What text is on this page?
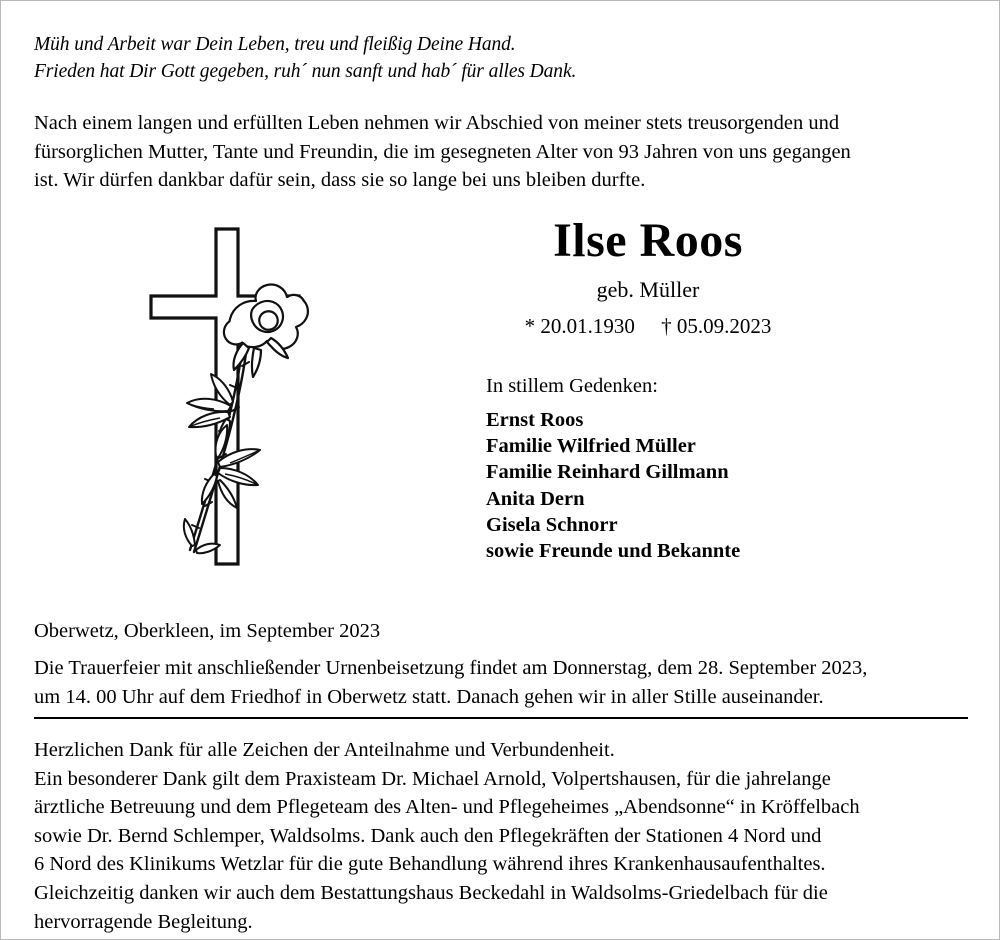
Müh und Arbeit war Dein Leben, treu und fleißig Deine Hand.
Frieden hat Dir Gott gegeben, ruh´ nun sanft und hab´ für alles Dank.
Nach einem langen und erfüllten Leben nehmen wir Abschied von meiner stets treusorgenden und
fürsorglichen Mutter, Tante und Freundin, die im gesegneten Alter von 93 Jahren von uns gegangen
ist. Wir dürfen dankbar dafür sein, dass sie so lange bei uns bleiben durfte.
Ilse Roos
geb. Müller
* 20.01.1930     † 05.09.2023
In stillem Gedenken:
Ernst Roos
Familie Wilfried Müller
Familie Reinhard Gillmann
Anita Dern
Gisela Schnorr
sowie Freunde und Bekannte
Oberwetz, Oberkleen, im September 2023
Die Trauerfeier mit anschließender Urnenbeisetzung findet am Donnerstag, dem 28. September 2023,
um 14. 00 Uhr auf dem Friedhof in Oberwetz statt. Danach gehen wir in aller Stille auseinander.
Herzlichen Dank für alle Zeichen der Anteilnahme und Verbundenheit.
Ein besonderer Dank gilt dem Praxisteam Dr. Michael Arnold, Volpertshausen, für die jahrelange
ärztliche Betreuung und dem Pflegeteam des Alten- und Pflegeheimes „Abendsonne“ in Kröffelbach
sowie Dr. Bernd Schlemper, Waldsolms. Dank auch den Pflegekräften der Stationen 4 Nord und
6 Nord des Klinikums Wetzlar für die gute Behandlung während ihres Krankenhausaufenthaltes.
Gleichzeitig danken wir auch dem Bestattungshaus Beckedahl in Waldsolms-Griedelbach für die
hervorragende Begleitung.
